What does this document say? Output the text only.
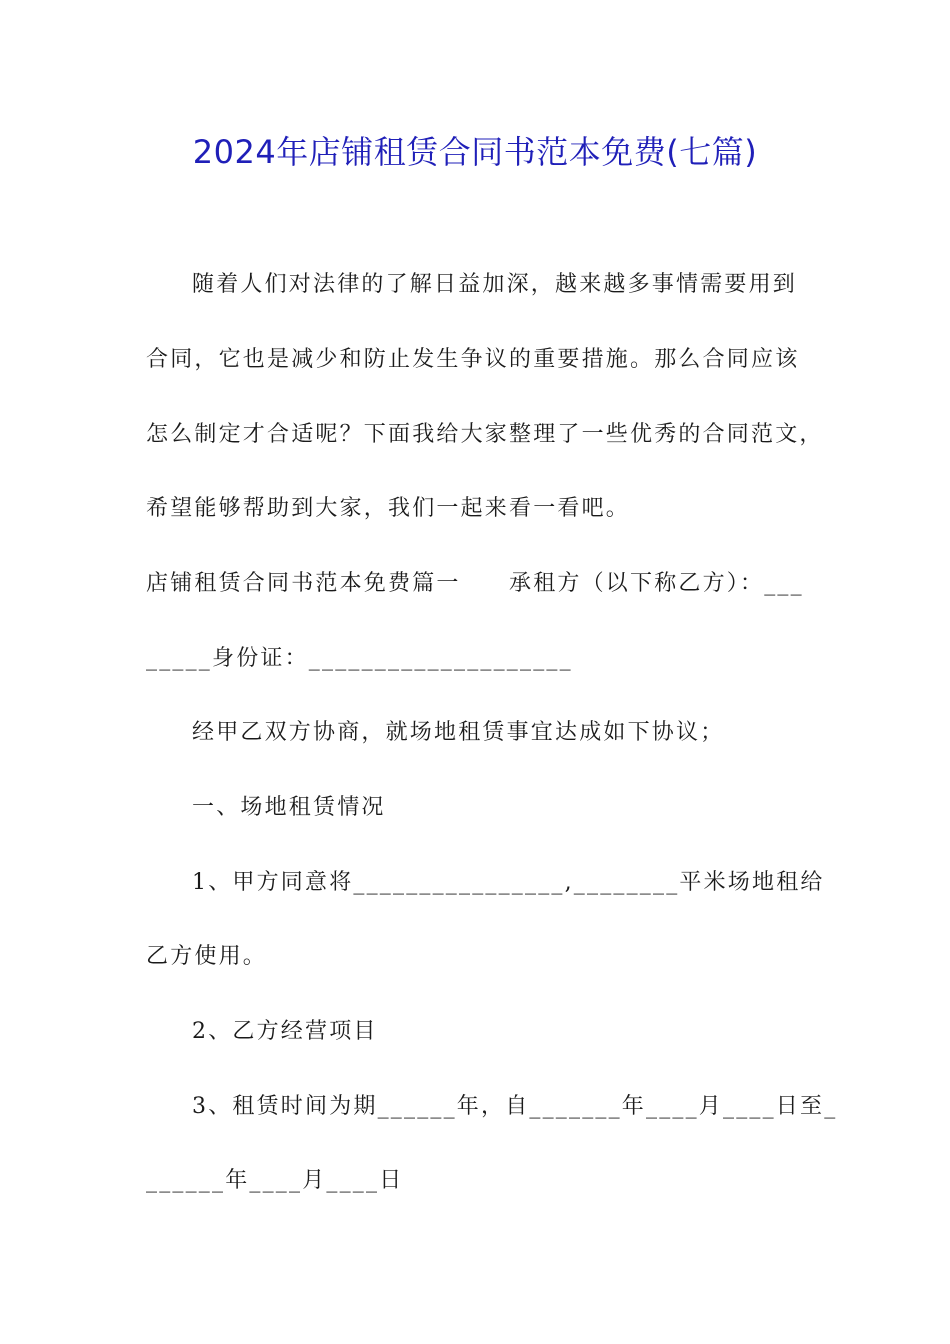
2024年店铺租赁合同书范本免费(七篇)
随着人们对法律的了解日益加深，越来越多事情需要用到
合同，它也是减少和防止发生争议的重要措施。那么合同应该
怎么制定才合适呢？下面我给大家整理了一些优秀的合同范文，
希望能够帮助到大家，我们一起来看一看吧。
店铺租赁合同书范本免费篇一　　承租方（以下称乙方）：___
_____身份证：____________________
经甲乙双方协商，就场地租赁事宜达成如下协议；
一、场地租赁情况
1、甲方同意将________________,________平米场地租给
乙方使用。
2、乙方经营项目
3、租赁时间为期______年，自_______年____月____日至_
______年____月____日
